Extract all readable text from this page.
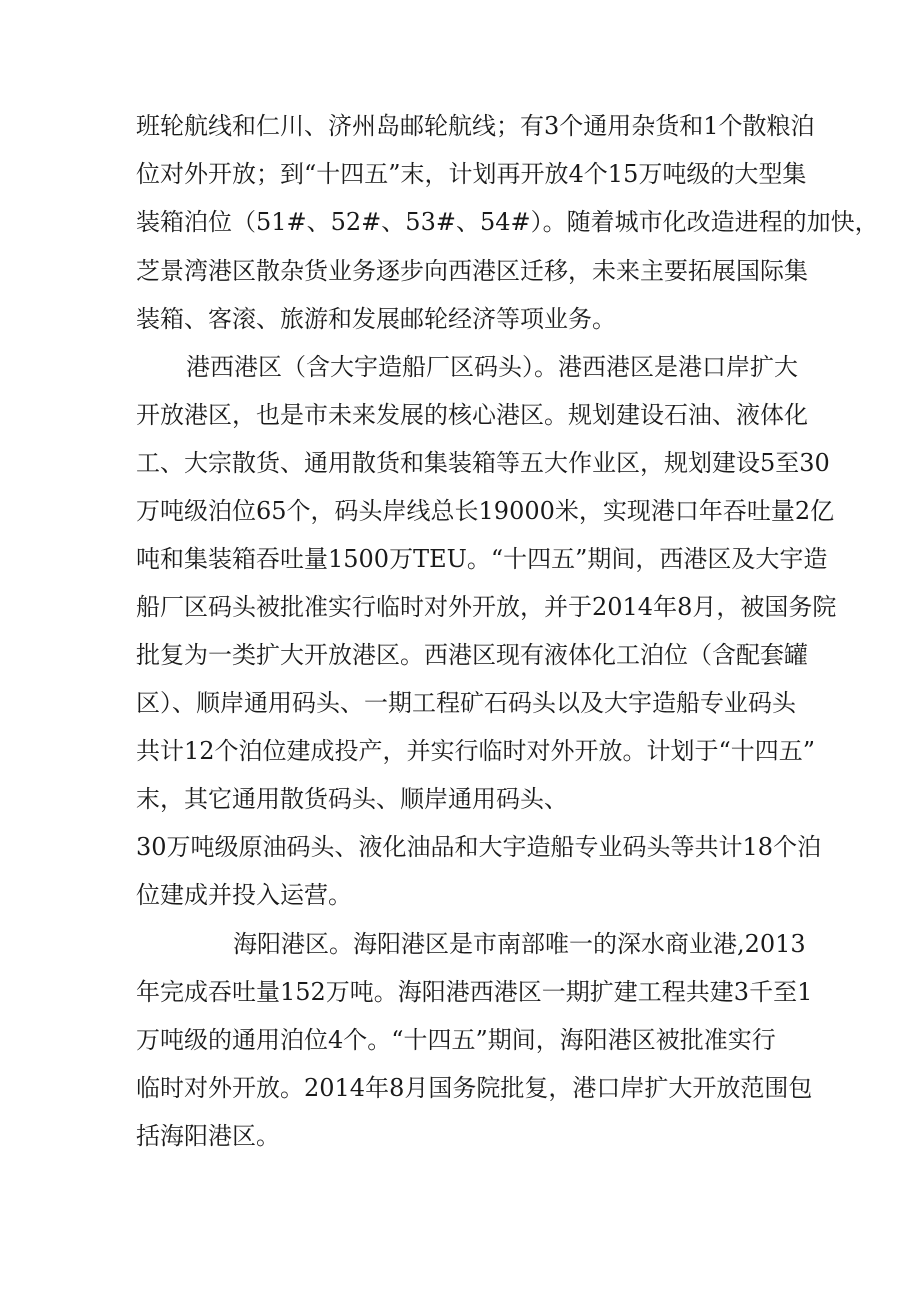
班轮航线和仁川、济州岛邮轮航线；有3个通用杂货和1个散粮泊
位对外开放；到“十四五”末，计划再开放4个15万吨级的大型集
装箱泊位（51#、52#、53#、54#）。随着城市化改造进程的加快，
芝景湾港区散杂货业务逐步向西港区迁移，未来主要拓展国际集
装箱、客滚、旅游和发展邮轮经济等项业务。
港西港区（含大宇造船厂区码头）。港西港区是港口岸扩大
开放港区，也是市未来发展的核心港区。规划建设石油、液体化
工、大宗散货、通用散货和集装箱等五大作业区，规划建设5至30
万吨级泊位65个，码头岸线总长19000米，实现港口年吞吐量2亿
吨和集装箱吞吐量1500万TEU。“十四五”期间，西港区及大宇造
船厂区码头被批准实行临时对外开放，并于2014年8月，被国务院
批复为一类扩大开放港区。西港区现有液体化工泊位（含配套罐
区）、顺岸通用码头、一期工程矿石码头以及大宇造船专业码头
共计12个泊位建成投产，并实行临时对外开放。计划于“十四五”
末，其它通用散货码头、顺岸通用码头、
30万吨级原油码头、液化油品和大宇造船专业码头等共计18个泊
位建成并投入运营。
海阳港区。海阳港区是市南部唯一的深水商业港,2013
年完成吞吐量152万吨。海阳港西港区一期扩建工程共建3千至1
万吨级的通用泊位4个。“十四五”期间，海阳港区被批准实行
临时对外开放。2014年8月国务院批复，港口岸扩大开放范围包
括海阳港区。
